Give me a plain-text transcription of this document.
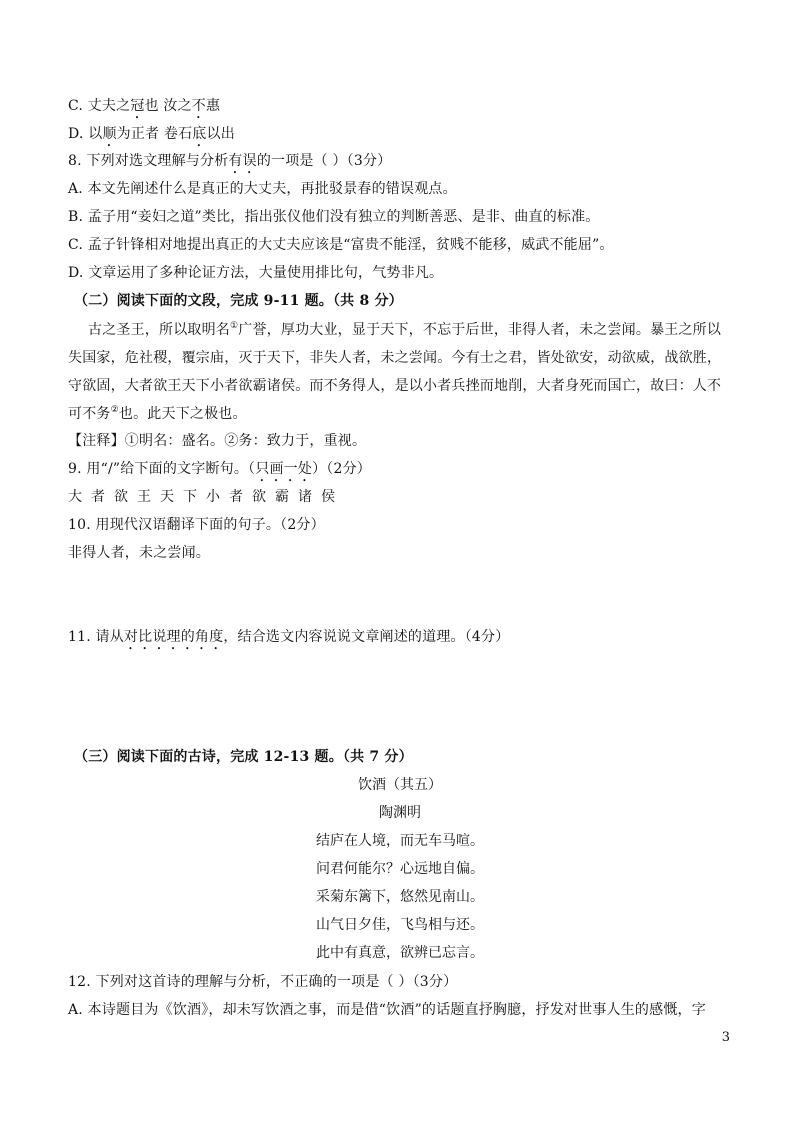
C. 丈夫之冠也 汝之不惠
D. 以顺为正者 卷石底以出
8. 下列对选文理解与分析有误的一项是（ ）（3分）
A. 本文先阐述什么是真正的大丈夫，再批驳景春的错误观点。
B. 孟子用“妾妇之道”类比，指出张仪他们没有独立的判断善恶、是非、曲直的标准。
C. 孟子针锋相对地提出真正的大丈夫应该是“富贵不能淫，贫贱不能移，威武不能屈”。
D. 文章运用了多种论证方法，大量使用排比句，气势非凡。
（二）阅读下面的文段，完成 9-11 题。（共 8 分）
古之圣王，所以取明名①广誉，厚功大业，显于天下，不忘于后世，非得人者，未之尝闻。暴王之所以
失国家，危社稷，覆宗庙，灭于天下，非失人者，未之尝闻。今有士之君，皆处欲安，动欲威，战欲胜，
守欲固，大者欲王天下小者欲霸诸侯。而不务得人，是以小者兵挫而地削，大者身死而国亡，故曰：人不
可不务②也。此天下之极也。
【注释】①明名：盛名。②务：致力于，重视。
9. 用“/”给下面的文字断句。（只画一处）（2分）
大者欲王天下小者欲霸诸侯
10. 用现代汉语翻译下面的句子。（2分）
非得人者，未之尝闻。
11. 请从对比说理的角度，结合选文内容说说文章阐述的道理。（4分）
（三）阅读下面的古诗，完成 12-13 题。（共 7 分）
饮酒（其五）
陶渊明
结庐在人境，而无车马喧。
问君何能尔？心远地自偏。
采菊东篱下，悠然见南山。
山气日夕佳，飞鸟相与还。
此中有真意，欲辨已忘言。
12. 下列对这首诗的理解与分析，不正确的一项是（ ）（3分）
A. 本诗题目为《饮酒》，却未写饮酒之事，而是借“饮酒”的话题直抒胸臆，抒发对世事人生的感慨，字
3
